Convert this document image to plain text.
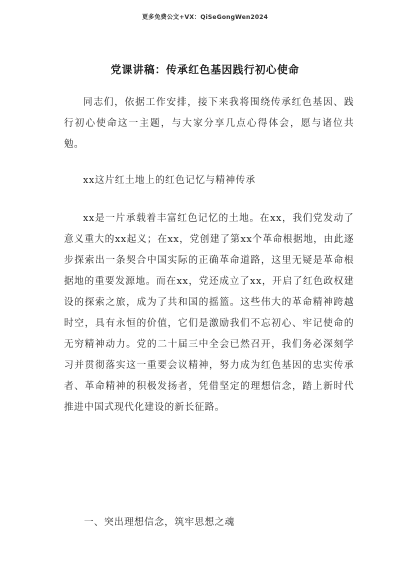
更多免费公文+VX：QiSeGongWen2024
党课讲稿：传承红色基因践行初心使命

同志们，依据工作安排，接下来我将围绕传承红色基因、践行初心使命这一主题，与大家分享几点心得体会，愿与诸位共勉。

xx这片红土地上的红色记忆与精神传承

xx是一片承载着丰富红色记忆的土地。在xx，我们党发动了意义重大的xx起义；在xx，党创建了第xx个革命根据地，由此逐步探索出一条契合中国实际的正确革命道路，这里无疑是革命根据地的重要发源地。而在xx，党还成立了xx，开启了红色政权建设的探索之旅，成为了共和国的摇篮。这些伟大的革命精神跨越时空，具有永恒的价值，它们是激励我们不忘初心、牢记使命的无穷精神动力。党的二十届三中全会已然召开，我们务必深刻学习并贯彻落实这一重要会议精神，努力成为红色基因的忠实传承者、革命精神的积极发扬者，凭借坚定的理想信念，踏上新时代推进中国式现代化建设的新长征路。

一、突出理想信念，筑牢思想之魂
